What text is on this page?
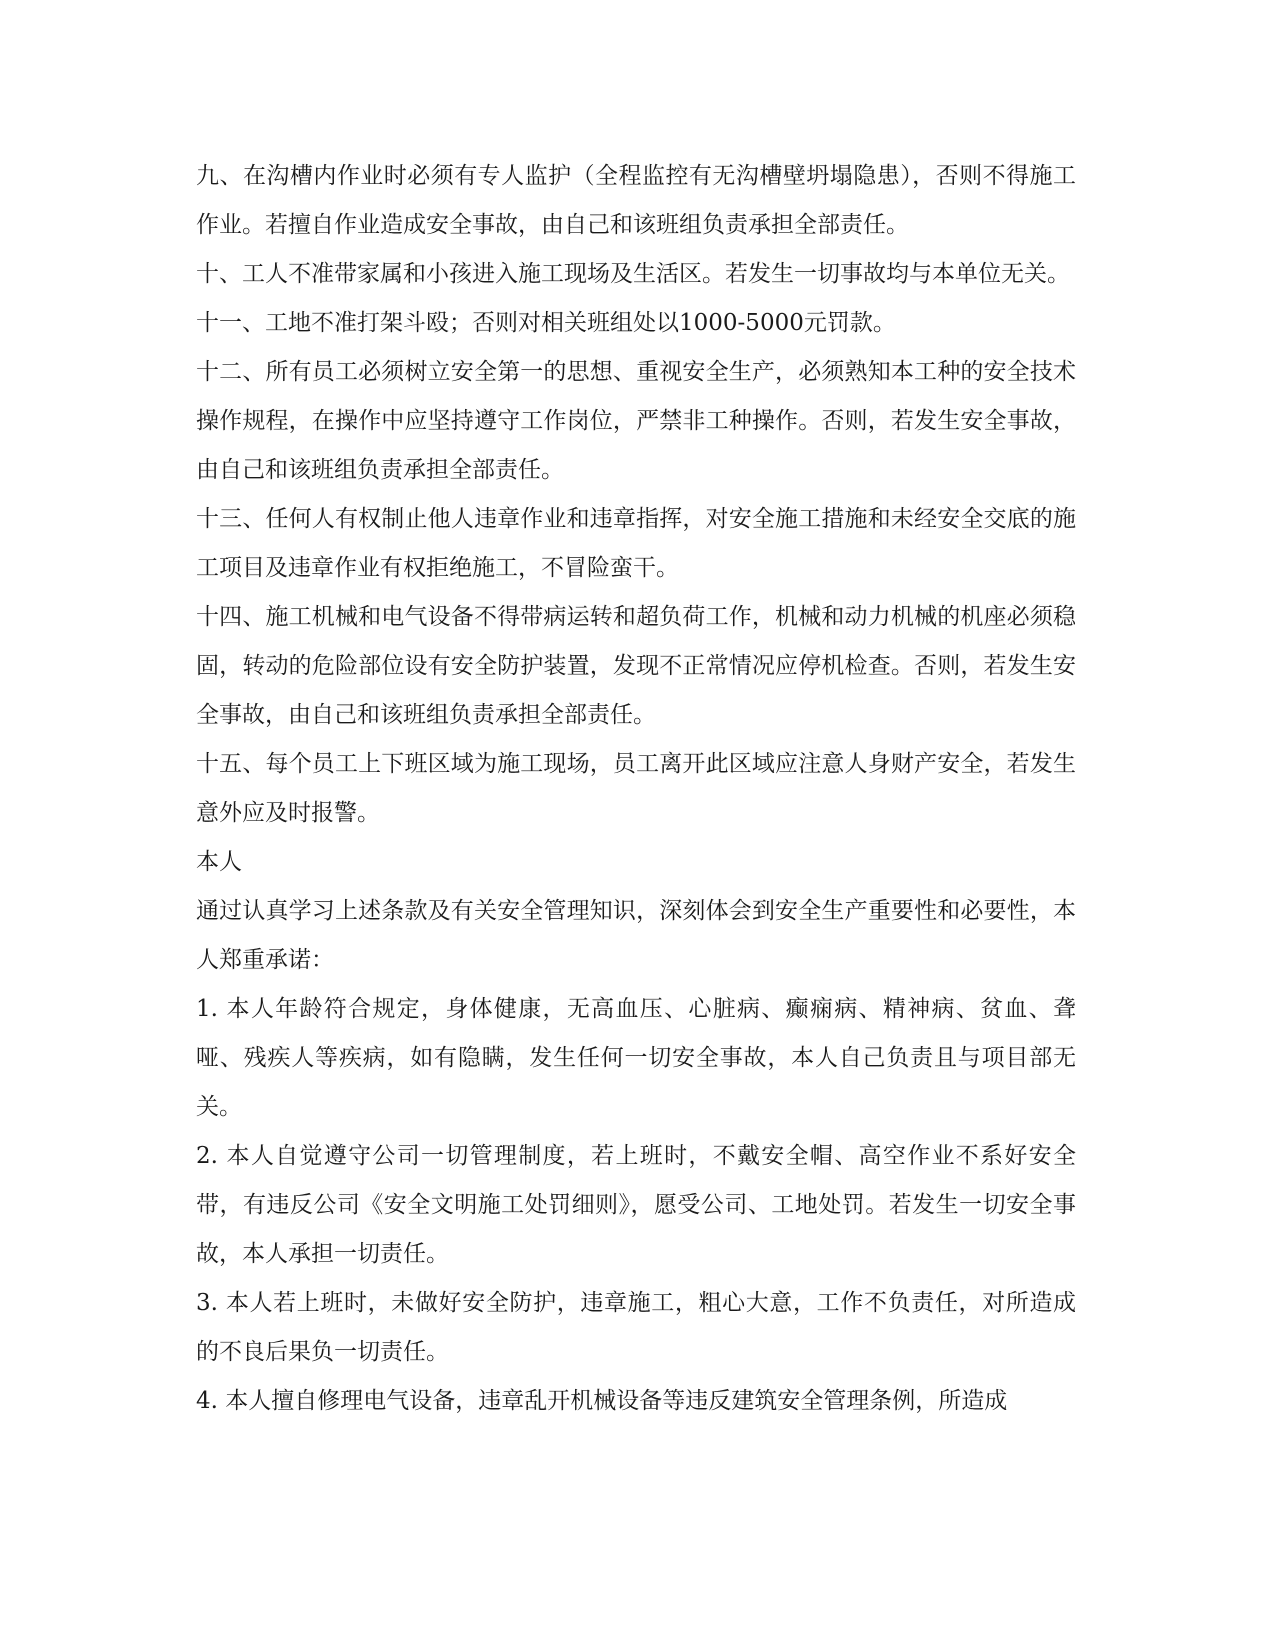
九、在沟槽内作业时必须有专人监护（全程监控有无沟槽壁坍塌隐患），否则不得施工作业。若擅自作业造成安全事故，由自己和该班组负责承担全部责任。

十、工人不准带家属和小孩进入施工现场及生活区。若发生一切事故均与本单位无关。

十一、工地不准打架斗殴；否则对相关班组处以1000-5000元罚款。

十二、所有员工必须树立安全第一的思想、重视安全生产，必须熟知本工种的安全技术操作规程，在操作中应坚持遵守工作岗位，严禁非工种操作。否则，若发生安全事故，由自己和该班组负责承担全部责任。

十三、任何人有权制止他人违章作业和违章指挥，对安全施工措施和未经安全交底的施工项目及违章作业有权拒绝施工，不冒险蛮干。

十四、施工机械和电气设备不得带病运转和超负荷工作，机械和动力机械的机座必须稳固，转动的危险部位设有安全防护装置，发现不正常情况应停机检查。否则，若发生安全事故，由自己和该班组负责承担全部责任。

十五、每个员工上下班区域为施工现场，员工离开此区域应注意人身财产安全，若发生意外应及时报警。

本人

通过认真学习上述条款及有关安全管理知识，深刻体会到安全生产重要性和必要性，本人郑重承诺：

1. 本人年龄符合规定，身体健康，无高血压、心脏病、癫痫病、精神病、贫血、聋哑、残疾人等疾病，如有隐瞒，发生任何一切安全事故，本人自己负责且与项目部无关。

2. 本人自觉遵守公司一切管理制度，若上班时，不戴安全帽、高空作业不系好安全带，有违反公司《安全文明施工处罚细则》，愿受公司、工地处罚。若发生一切安全事故，本人承担一切责任。

3. 本人若上班时，未做好安全防护，违章施工，粗心大意，工作不负责任，对所造成的不良后果负一切责任。

4. 本人擅自修理电气设备，违章乱开机械设备等违反建筑安全管理条例，所造成
